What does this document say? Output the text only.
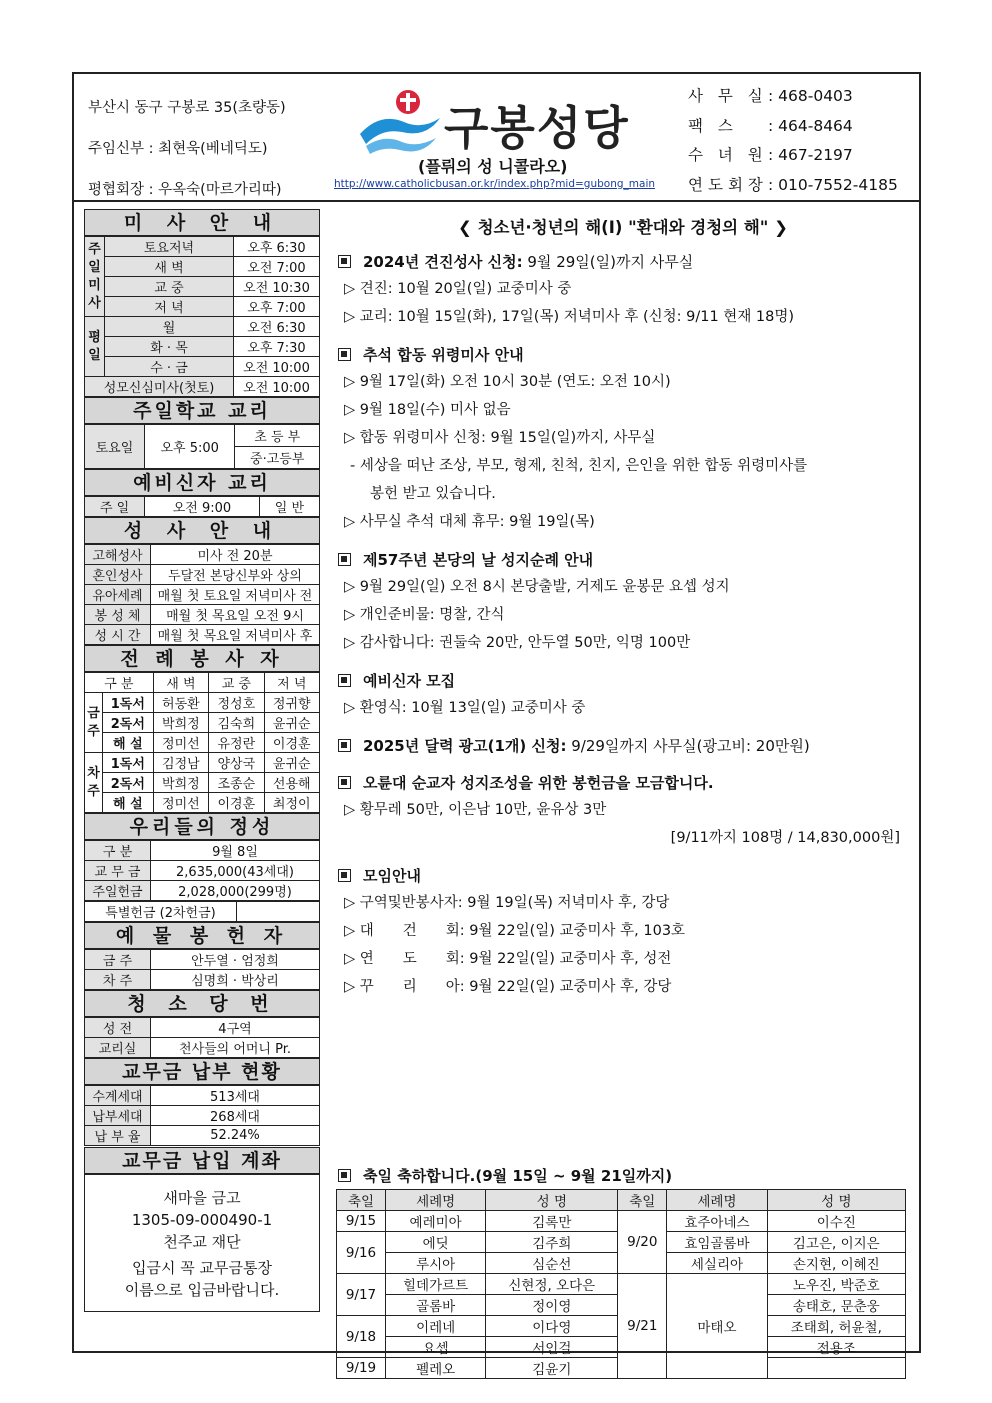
부산시 동구 구봉로 35(초량동)
주임신부 : 최현욱(베네딕도)
평협회장 : 우옥숙(마르가리따)
구봉성당
(플뤼의 성 니콜라오)
http://www.catholicbusan.or.kr/index.php?mid=gubong_main
사 무 실 : 468-0403
팩 스	: 464-8464
수 녀 원 : 467-2197
연도회장 : 010-7552-4185
미 사 안 내
주
일
미
사	토요저녁	오후 6:30
	새 벽	오전 7:00
	교 중	오전 10:30
	저 녁	오후 7:00
평
일	월	오전 6:30
	화 · 목	오후 7:30
	수 · 금	오전 10:00
성모신심미사(첫토)		오전 10:00
주일학교 교리
토요일	오후 5:00	초 등 부
중·고등부
예비신자 교리
주 일	오전 9:00	일 반
성 사 안 내
고해성사	미사 전 20분
혼인성사	두달전 본당신부와 상의
유아세례	매월 첫 토요일 저녁미사 전
봉 성 체	매월 첫 목요일 오전 9시
성 시 간	매월 첫 목요일 저녁미사 후
전 례 봉 사 자
구 분		새 벽	교 중	저 녁
금
주	1독서	허동환	정성호	정귀향
	2독서	박희정	김숙희	윤귀순
	해 설	정미선	유정란	이경훈
차
주	1독서	김정남	양상국	윤귀순
	2독서	박희정	조종순	선용해
	해 설	정미선	이경훈	최정이
우리들의 정성
구 분	9월 8일
교 무 금	2,635,000(43세대)
주일헌금	2,028,000(299명)
특별헌금 (2차헌금)	
예 물 봉 헌 자
금 주	안두열 · 엄정희
차 주	심명희 · 박상리
청 소 당 번
성 전	4구역
교리실	천사들의 어머니 Pr.
교무금 납부 현황
수계세대	513세대
납부세대	268세대
납 부 율	52.24%
교무금 납입 계좌
새마을 금고
1305-09-000490-1
천주교 재단
입금시 꼭 교무금통장
이름으로 입금바랍니다.
❮ 청소년·청년의 해(I) "환대와 경청의 해" ❯
2024년 견진성사 신청: 9월 29일(일)까지 사무실
▷ 견진: 10월 20일(일) 교중미사 중
▷ 교리: 10월 15일(화), 17일(목) 저녁미사 후 (신청: 9/11 현재 18명)
추석 합동 위령미사 안내
▷ 9월 17일(화) 오전 10시 30분 (연도: 오전 10시)
▷ 9월 18일(수) 미사 없음
▷ 합동 위령미사 신청: 9월 15일(일)까지, 사무실
- 세상을 떠난 조상, 부모, 형제, 친척, 친지, 은인을 위한 합동 위령미사를
봉헌 받고 있습니다.
▷ 사무실 추석 대체 휴무: 9월 19일(목)
제57주년 본당의 날 성지순례 안내
▷ 9월 29일(일) 오전 8시 본당출발, 거제도 윤봉문 요셉 성지
▷ 개인준비물: 명찰, 간식
▷ 감사합니다: 권둘숙 20만, 안두열 50만, 익명 100만
예비신자 모집
▷ 환영식: 10월 13일(일) 교중미사 중
2025년 달력 광고(1개) 신청: 9/29일까지 사무실(광고비: 20만원)
오륜대 순교자 성지조성을 위한 봉헌금을 모금합니다.
▷ 황무레 50만, 이은남 10만, 윤유상 3만
[9/11까지 108명 / 14,830,000원]
모임안내
▷ 구역및반봉사자: 9월 19일(목) 저녁미사 후, 강당
▷ 대　　건　　회: 9월 22일(일) 교중미사 후, 103호
▷ 연　　도　　회: 9월 22일(일) 교중미사 후, 성전
▷ 꾸　　리　　아: 9월 22일(일) 교중미사 후, 강당
축일 축하합니다.(9월 15일 ~ 9월 21일까지)
축일	세례명	성 명	축일	세례명	성 명
9/15	예레미아	김록만	9/20	효주아네스	이수진
9/16	에딧	김주희		효임골롬바	김고은, 이지은
	루시아	심순선		세실리아	손지현, 이혜진
9/17	힐데가르트	신현정, 오다은	9/21	마태오	노우진, 박준호
	골롬바	정이영			송태호, 문춘웅
9/18	이레네	이다영			조태희, 허윤철,
	요셉	서인걸			전용조
9/19	펠레오	김윤기			
